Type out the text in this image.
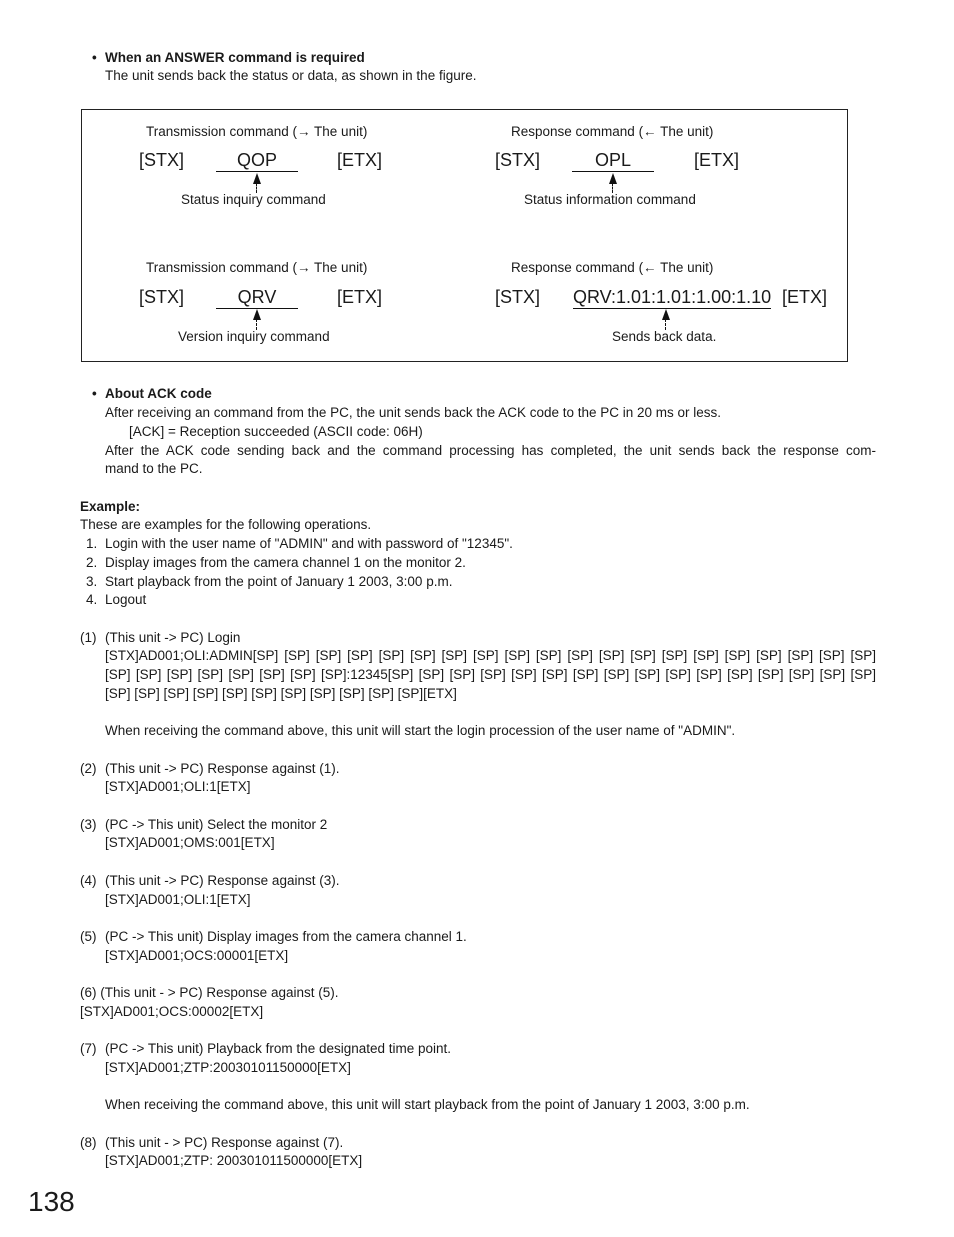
• When an ANSWER command is required
The unit sends back the status or data, as shown in the figure.
Transmission command (→ The unit)
[STX]	QOP	[ETX]
Status inquiry command
Response command (← The unit)
[STX]	OPL	[ETX]
Status information command
Transmission command (→ The unit)
[STX]	QRV	[ETX]
Version inquiry command
Response command (← The unit)
[STX] QRV:1.01:1.01:1.00:1.10 [ETX]
Sends back data.
• About ACK code
After receiving an command from the PC, the unit sends back the ACK code to the PC in 20 ms or less.
[ACK] = Reception succeeded (ASCII code: 06H)
After the ACK code sending back and the command processing has completed, the unit sends back the response com-
mand to the PC.
Example:
These are examples for the following operations.
1. Login with the user name of "ADMIN" and with password of "12345".
2. Display images from the camera channel 1 on the monitor 2.
3. Start playback from the point of January 1 2003, 3:00 p.m.
4. Logout
(1) (This unit -> PC) Login
[STX]AD001;OLI:ADMIN[SP] [SP] [SP] [SP] [SP] [SP] [SP] [SP] [SP] [SP] [SP] [SP] [SP] [SP] [SP] [SP] [SP] [SP] [SP] [SP]
[SP] [SP] [SP] [SP] [SP] [SP] [SP] [SP]:12345[SP] [SP] [SP] [SP] [SP] [SP] [SP] [SP] [SP] [SP] [SP] [SP] [SP] [SP] [SP] [SP]
[SP] [SP] [SP] [SP] [SP] [SP] [SP] [SP] [SP] [SP] [SP][ETX]
When receiving the command above, this unit will start the login procession of the user name of "ADMIN".
(2) (This unit -> PC) Response against (1).
[STX]AD001;OLI:1[ETX]
(3) (PC -> This unit) Select the monitor 2
[STX]AD001;OMS:001[ETX]
(4) (This unit -> PC) Response against (3).
[STX]AD001;OLI:1[ETX]
(5) (PC -> This unit) Display images from the camera channel 1.
[STX]AD001;OCS:00001[ETX]
(6) (This unit - > PC) Response against (5).
[STX]AD001;OCS:00002[ETX]
(7) (PC -> This unit) Playback from the designated time point.
[STX]AD001;ZTP:20030101150000[ETX]
When receiving the command above, this unit will start playback from the point of January 1 2003, 3:00 p.m.
(8) (This unit - > PC) Response against (7).
[STX]AD001;ZTP: 200301011500000[ETX]
138
